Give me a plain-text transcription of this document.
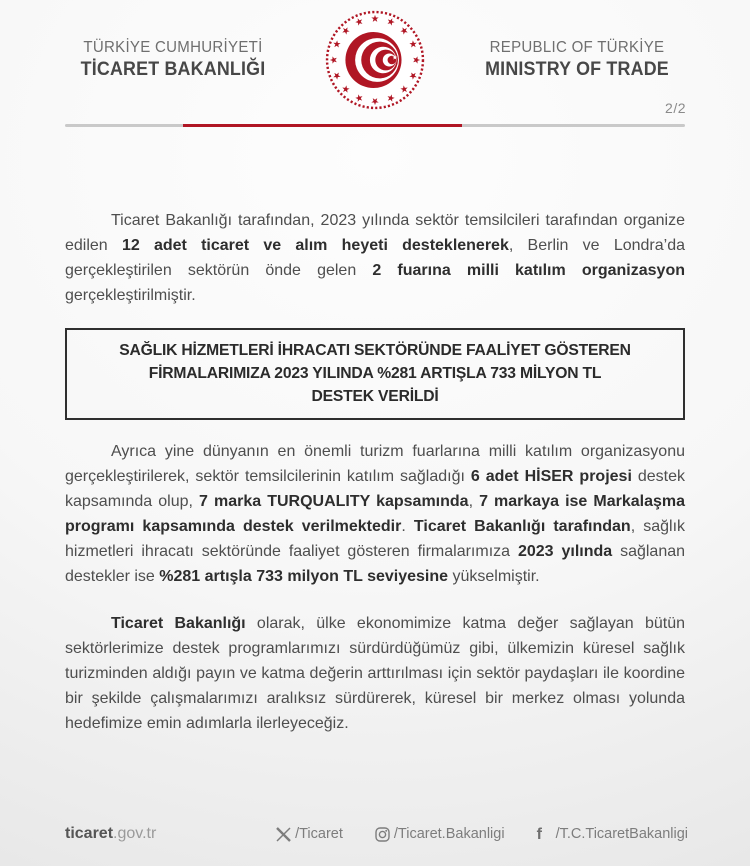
TÜRKİYE CUMHURİYETİ
TİCARET BAKANLIĞI
REPUBLIC OF TÜRKİYE
MINISTRY OF TRADE
2/2

Ticaret Bakanlığı tarafından, 2023 yılında sektör temsilcileri tarafından organize edilen 12 adet ticaret ve alım heyeti desteklenerek, Berlin ve Londra’da gerçekleştirilen sektörün önde gelen 2 fuarına milli katılım organizasyon gerçekleştirilmiştir.

SAĞLIK HİZMETLERİ İHRACATI SEKTÖRÜNDE FAALİYET GÖSTEREN
FİRMALARIMIZA 2023 YILINDA %281 ARTIŞLA 733 MİLYON TL
DESTEK VERİLDİ

Ayrıca yine dünyanın en önemli turizm fuarlarına milli katılım organizasyonu gerçekleştirilerek, sektör temsilcilerinin katılım sağladığı 6 adet HİSER projesi destek kapsamında olup, 7 marka TURQUALITY kapsamında, 7 markaya ise Markalaşma programı kapsamında destek verilmektedir. Ticaret Bakanlığı tarafından, sağlık hizmetleri ihracatı sektöründe faaliyet gösteren firmalarımıza 2023 yılında sağlanan destekler ise %281 artışla 733 milyon TL seviyesine yükselmiştir.

Ticaret Bakanlığı olarak, ülke ekonomimize katma değer sağlayan bütün sektörlerimize destek programlarımızı sürdürdüğümüz gibi, ülkemizin küresel sağlık turizminden aldığı payın ve katma değerin arttırılması için sektör paydaşları ile koordine bir şekilde çalışmalarımızı aralıksız sürdürerek, küresel bir merkez olması yolunda hedefimize emin adımlarla ilerleyeceğiz.

ticaret.gov.tr	/Ticaret	/Ticaret.Bakanligi f /T.C.TicaretBakanligi
